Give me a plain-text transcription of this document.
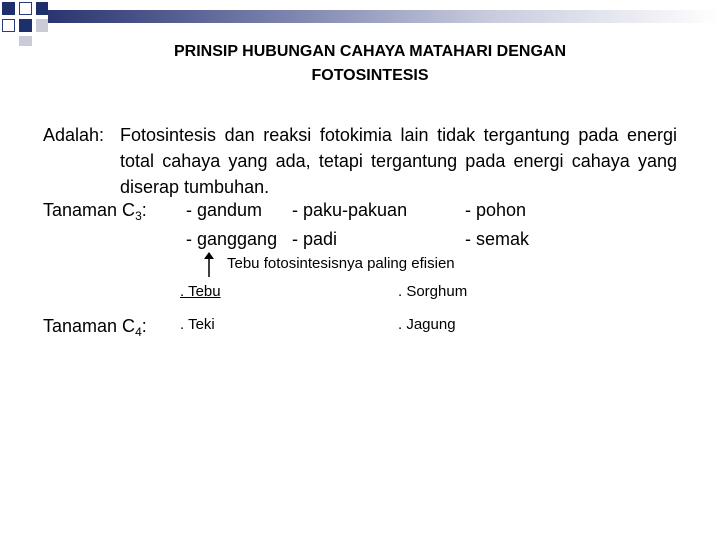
PRINSIP HUBUNGAN CAHAYA MATAHARI DENGAN
FOTOSINTESIS
Adalah: Fotosintesis dan reaksi fotokimia lain tidak tergantung pada energi total cahaya yang ada, tetapi tergantung pada energi cahaya yang diserap tumbuhan.
Tanaman $C_3$: - gandum - paku-pakuan	- pohon
- ganggang - padi	- semak
Tebu fotosintesisnya paling efisien
. Tebu	. Sorghum
Tanaman $C_4$: . Teki	. Jagung
